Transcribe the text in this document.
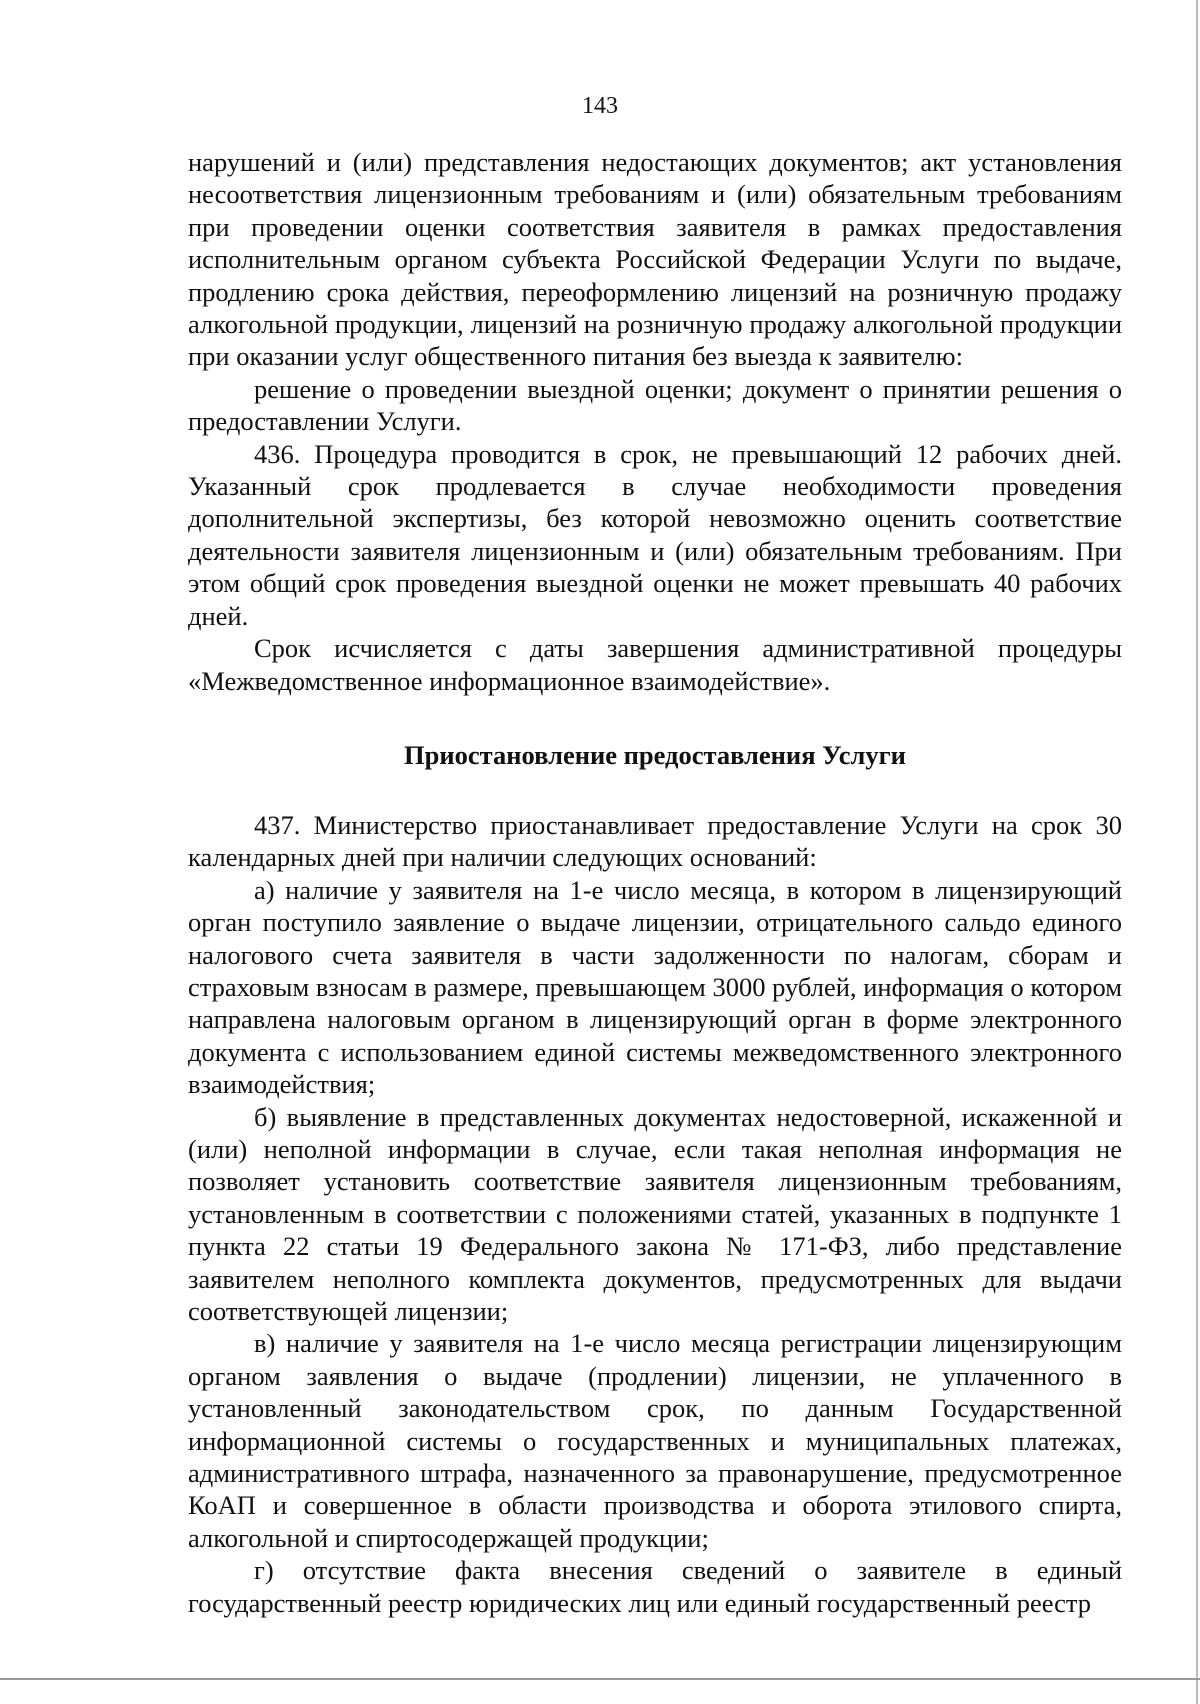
143

нарушений и (или) представления недостающих документов; акт установления несоответствия лицензионным требованиям и (или) обязательным требованиям при проведении оценки соответствия заявителя в рамках предоставления исполнительным органом субъекта Российской Федерации Услуги по выдаче, продлению срока действия, переоформлению лицензий на розничную продажу алкогольной продукции, лицензий на розничную продажу алкогольной продукции при оказании услуг общественного питания без выезда к заявителю:

решение о проведении выездной оценки; документ о принятии решения о предоставлении Услуги.

436. Процедура проводится в срок, не превышающий 12 рабочих дней. Указанный срок продлевается в случае необходимости проведения дополнительной экспертизы, без которой невозможно оценить соответствие деятельности заявителя лицензионным и (или) обязательным требованиям. При этом общий срок проведения выездной оценки не может превышать 40 рабочих дней.

Срок исчисляется с даты завершения административной процедуры «Межведомственное информационное взаимодействие».

Приостановление предоставления Услуги

437. Министерство приостанавливает предоставление Услуги на срок 30 календарных дней при наличии следующих оснований:

а) наличие у заявителя на 1-е число месяца, в котором в лицензирующий орган поступило заявление о выдаче лицензии, отрицательного сальдо единого налогового счета заявителя в части задолженности по налогам, сборам и страховым взносам в размере, превышающем 3000 рублей, информация о котором направлена налоговым органом в лицензирующий орган в форме электронного документа с использованием единой системы межведомственного электронного взаимодействия;

б) выявление в представленных документах недостоверной, искаженной и (или) неполной информации в случае, если такая неполная информация не позволяет установить соответствие заявителя лицензионным требованиям, установленным в соответствии с положениями статей, указанных в подпункте 1 пункта 22 статьи 19 Федерального закона № 171-ФЗ, либо представление заявителем неполного комплекта документов, предусмотренных для выдачи соответствующей лицензии;

в) наличие у заявителя на 1-е число месяца регистрации лицензирующим органом заявления о выдаче (продлении) лицензии, не уплаченного в установленный законодательством срок, по данным Государственной информационной системы о государственных и муниципальных платежах, административного штрафа, назначенного за правонарушение, предусмотренное КоАП и совершенное в области производства и оборота этилового спирта, алкогольной и спиртосодержащей продукции;

г) отсутствие факта внесения сведений о заявителе в единый государственный реестр юридических лиц или единый государственный реестр
